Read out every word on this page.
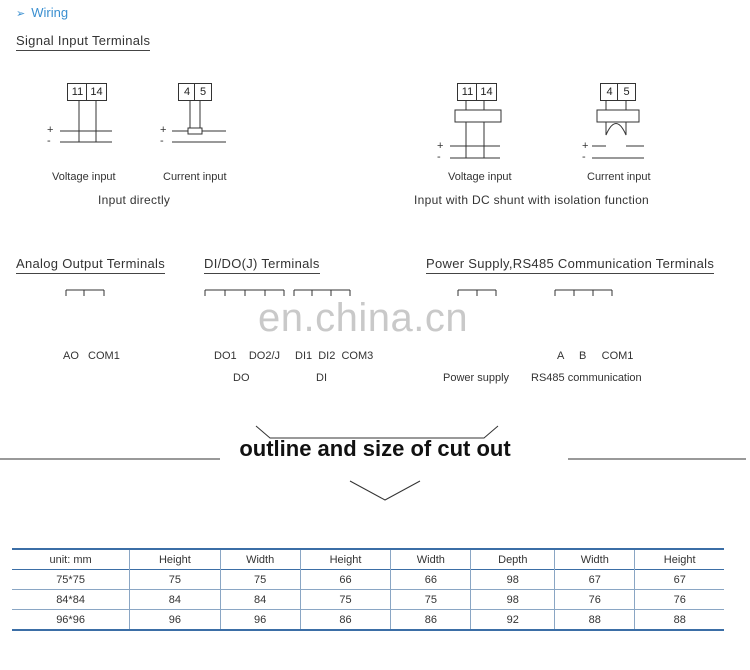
➢ Wiring
Signal Input Terminals
Analog Output Terminals	DI/DO(J) Terminals	Power Supply,RS485 Communication Terminals
11 14	4 5	11 14	4 5
+
-
+
-	+
-
+
-
Voltage input	Current input
Input directly
Voltage input	Current input
Input with DC shunt with isolation function
en.china.cn
AO   COM1	DO1    DO2/J DI1  DI2  COM3
DO	DI
A     B     COM1
Power supply RS485 communication
outline and size of cut out
unit: mm	Height	Width	Height	Width	Depth	Width	Height
75*75	75	75	66	66	98	67	67
84*84	84	84	75	75	98	76	76
96*96	96	96	86	86	92	88	88
